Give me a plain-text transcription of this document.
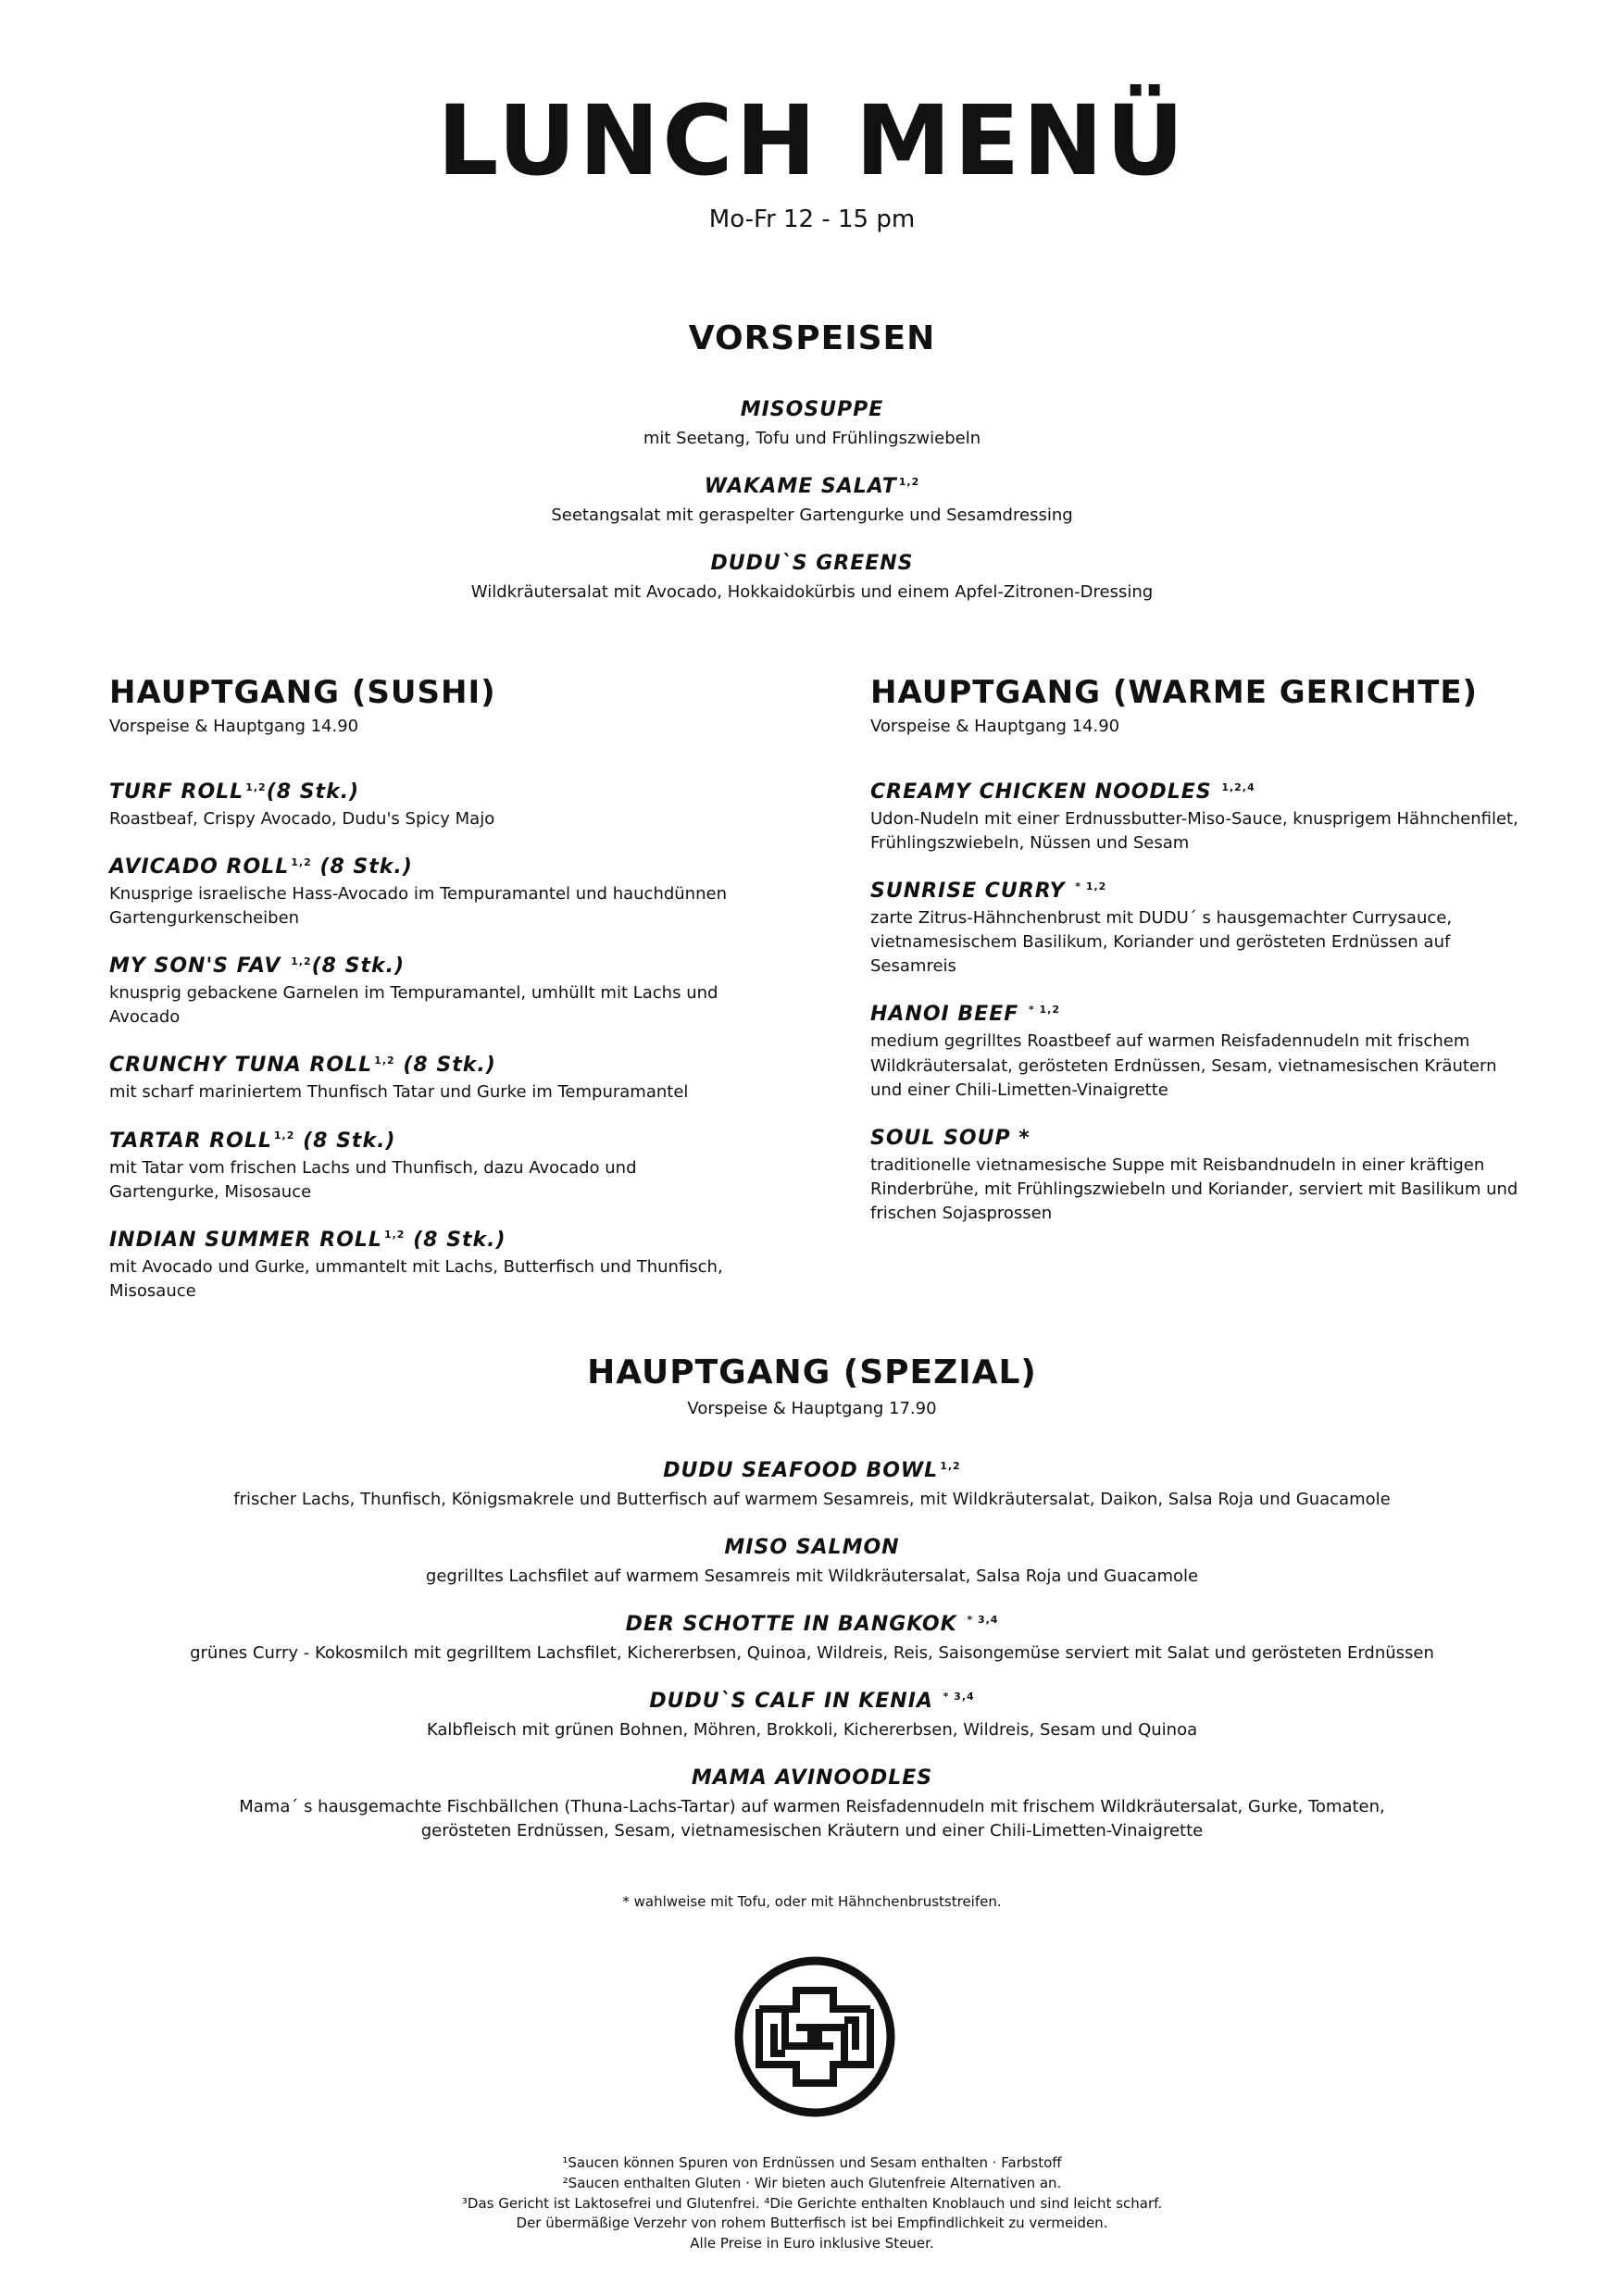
LUNCH MENÜ
Mo-Fr 12 - 15 pm
VORSPEISEN
MISOSUPPE
mit Seetang, Tofu und Frühlingszwiebeln
WAKAME SALAT $^{1,2}$
Seetangsalat mit geraspelter Gartengurke und Sesamdressing
DUDU`S GREENS
Wildkräutersalat mit Avocado, Hokkaidokürbis und einem Apfel-Zitronen-Dressing
HAUPTGANG (SUSHI)
Vorspeise & Hauptgang 14.90
TURF ROLL $^{1,2}$(8 Stk.)
Roastbeaf, Crispy Avocado, Dudu's Spicy Majo
AVICADO ROLL $^{1,2}$ (8 Stk.)
Knusprige israelische Hass-Avocado im Tempuramantel und hauchdünnen Gartengurkenscheiben
MY SON'S FAV $^{1,2}$(8 Stk.)
knusprig gebackene Garnelen im Tempuramantel, umhüllt mit Lachs und Avocado
CRUNCHY TUNA ROLL $^{1,2}$ (8 Stk.)
mit scharf mariniertem Thunfisch Tatar und Gurke im Tempuramantel
TARTAR ROLL $^{1,2}$ (8 Stk.)
mit Tatar vom frischen Lachs und Thunfisch, dazu Avocado und Gartengurke, Misosauce
INDIAN SUMMER ROLL $^{1,2}$ (8 Stk.)
mit Avocado und Gurke, ummantelt mit Lachs, Butterfisch und Thunfisch, Misosauce
HAUPTGANG (WARME GERICHTE)
Vorspeise & Hauptgang 14.90
CREAMY CHICKEN NOODLES $^{1,2,4}$
Udon-Nudeln mit einer Erdnussbutter-Miso-Sauce, knusprigem Hähnchenfilet, Frühlingszwiebeln, Nüssen und Sesam
SUNRISE CURRY $^{* 1,2}$
zarte Zitrus-Hähnchenbrust mit DUDU´ s hausgemachter Currysauce, vietnamesischem Basilikum, Koriander und gerösteten Erdnüssen auf Sesamreis
HANOI BEEF $^{* 1,2}$
medium gegrilltes Roastbeef auf warmen Reisfadennudeln mit frischem Wildkräutersalat, gerösteten Erdnüssen, Sesam, vietnamesischen Kräutern und einer Chili-Limetten-Vinaigrette
SOUL SOUP *
traditionelle vietnamesische Suppe mit Reisbandnudeln in einer kräftigen Rinderbrühe, mit Frühlingszwiebeln und Koriander, serviert mit Basilikum und frischen Sojasprossen
HAUPTGANG (SPEZIAL)
Vorspeise & Hauptgang 17.90
DUDU SEAFOOD BOWL $^{1,2}$
frischer Lachs, Thunfisch, Königsmakrele und Butterfisch auf warmem Sesamreis, mit Wildkräutersalat, Daikon, Salsa Roja und Guacamole
MISO SALMON
gegrilltes Lachsfilet auf warmem Sesamreis mit Wildkräutersalat, Salsa Roja und Guacamole
DER SCHOTTE IN BANGKOK $^{* 3,4}$
grünes Curry - Kokosmilch mit gegrilltem Lachsfilet, Kichererbsen, Quinoa, Wildreis, Reis, Saisongemüse serviert mit Salat und gerösteten Erdnüssen
DUDU`S CALF IN KENIA $^{* 3,4}$
Kalbfleisch mit grünen Bohnen, Möhren, Brokkoli, Kichererbsen, Wildreis, Sesam und Quinoa
MAMA AVINOODLES
Mama´ s hausgemachte Fischbällchen (Thuna-Lachs-Tartar) auf warmen Reisfadennudeln mit frischem Wildkräutersalat, Gurke, Tomaten, gerösteten Erdnüssen, Sesam, vietnamesischen Kräutern und einer Chili-Limetten-Vinaigrette
* wahlweise mit Tofu, oder mit Hähnchenbruststreifen.
¹Saucen können Spuren von Erdnüssen und Sesam enthalten · Farbstoff
²Saucen enthalten Gluten · Wir bieten auch Glutenfreie Alternativen an.
³Das Gericht ist Laktosefrei und Glutenfrei. ⁴Die Gerichte enthalten Knoblauch und sind leicht scharf.
Der übermäßige Verzehr von rohem Butterfisch ist bei Empfindlichkeit zu vermeiden.
Alle Preise in Euro inklusive Steuer.
